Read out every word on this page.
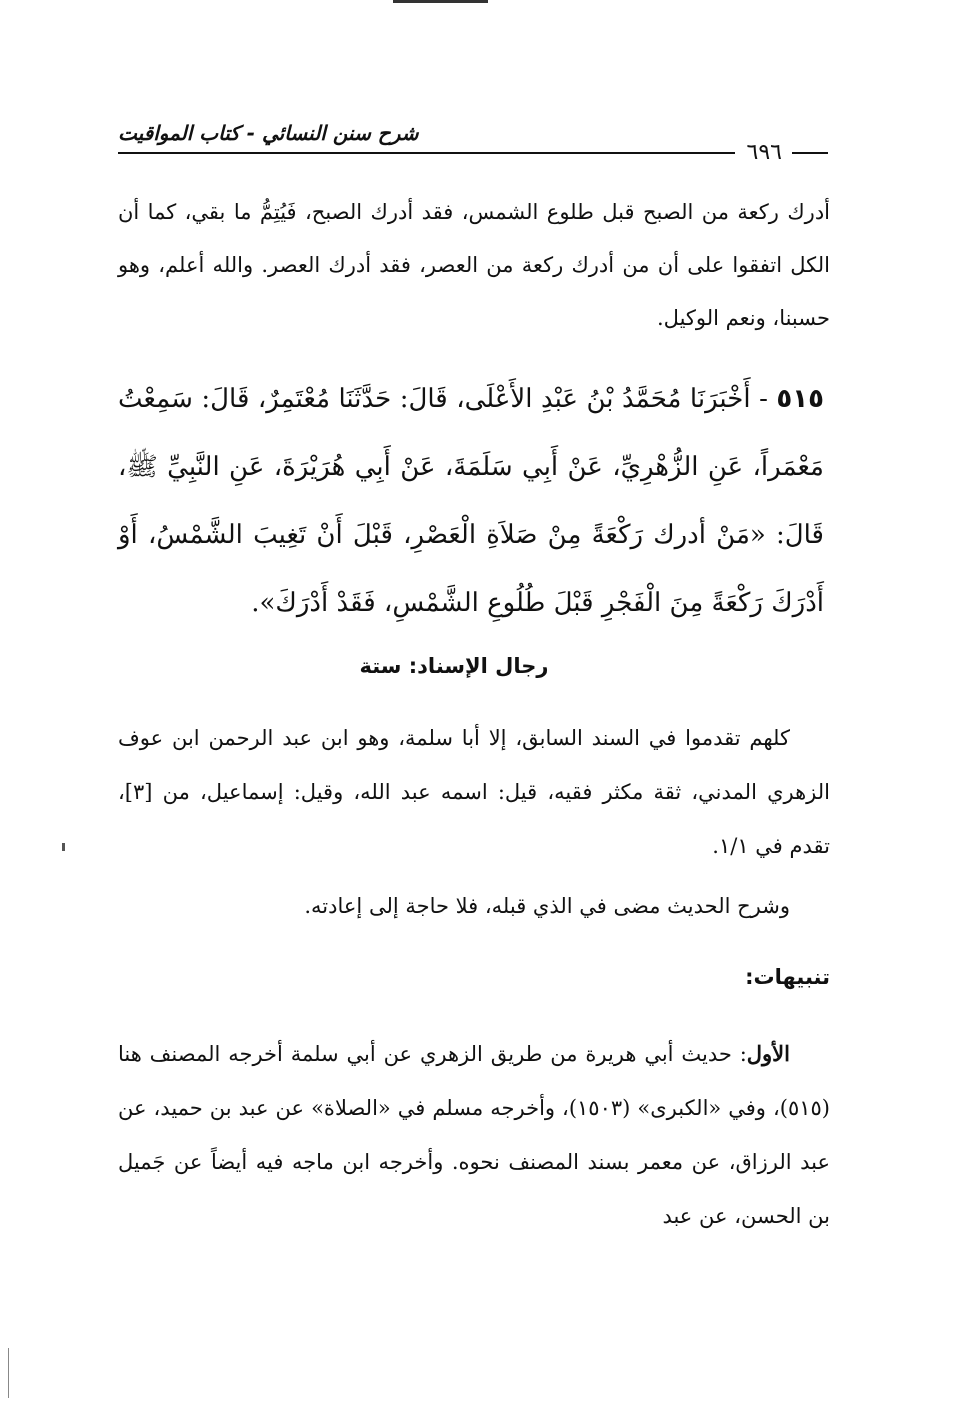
شرح سنن النسائي - كتاب المواقيت
٦٩٦

أدرك ركعة من الصبح قبل طلوع الشمس، فقد أدرك الصبح، فَيُتِمُّ ما بقي، كما أن الكل اتفقوا على أن من أدرك ركعة من العصر، فقد أدرك العصر. والله أعلم، وهو حسبنا، ونعم الوكيل.

٥١٥ - أَخْبَرَنَا مُحَمَّدُ بْنُ عَبْدِ الأَعْلَى، قَالَ: حَدَّثَنَا مُعْتَمِرٌ، قَالَ: سَمِعْتُ مَعْمَراً، عَنِ الزُّهْرِيِّ، عَنْ أَبِي سَلَمَةَ، عَنْ أَبِي هُرَيْرَةَ، عَنِ النَّبِيِّ ﷺ، قَالَ: «مَنْ أدرك رَكْعَةً مِنْ صَلاَةِ الْعَصْرِ، قَبْلَ أَنْ تَغِيبَ الشَّمْسُ، أَوْ أَدْرَكَ رَكْعَةً مِنَ الْفَجْرِ قَبْلَ طُلُوعِ الشَّمْسِ، فَقَدْ أَدْرَكَ».

رجال الإسناد: ستة

كلهم تقدموا في السند السابق، إلا أبا سلمة، وهو ابن عبد الرحمن ابن عوف الزهري المدني، ثقة مكثر فقيه، قيل: اسمه عبد الله، وقيل: إسماعيل، من [٣]، تقدم في ١/١.

وشرح الحديث مضى في الذي قبله، فلا حاجة إلى إعادته.

تنبيهات:

الأول: حديث أبي هريرة من طريق الزهري عن أبي سلمة أخرجه المصنف هنا (٥١٥)، وفي «الكبرى» (١٥٠٣)، وأخرجه مسلم في «الصلاة» عن عبد بن حميد، عن عبد الرزاق، عن معمر بسند المصنف نحوه. وأخرجه ابن ماجه فيه أيضاً عن جَميل بن الحسن، عن عبد
